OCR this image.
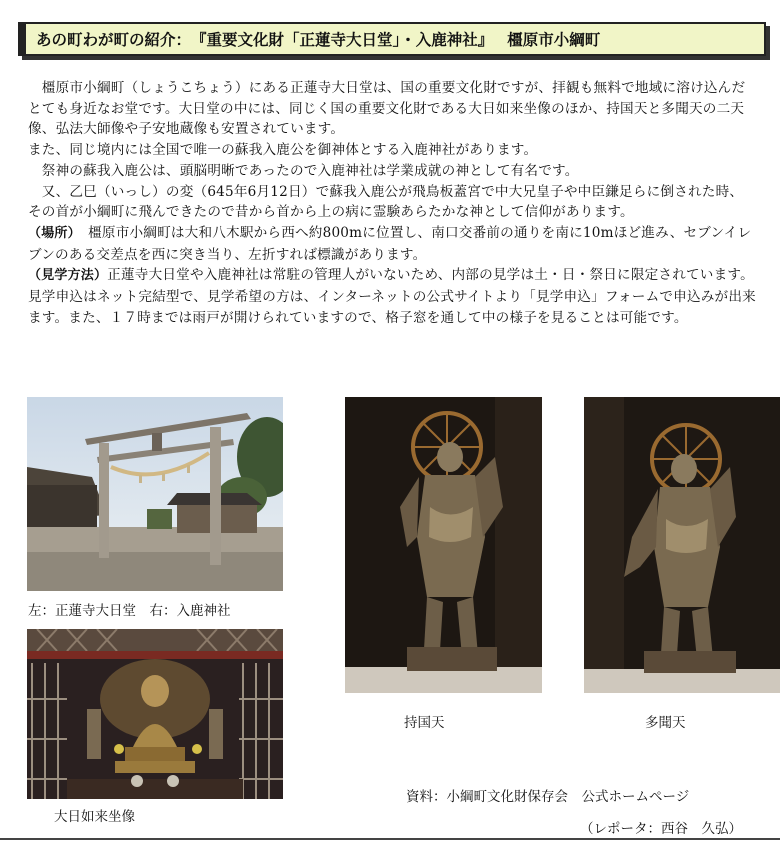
あの町わが町の紹介： 『重要文化財「正蓮寺大日堂」・入鹿神社』 橿原市小綱町

　橿原市小綱町（しょうこちょう）にある正蓮寺大日堂は、国の重要文化財ですが、拝観も無料で地域に溶け込んだとても身近なお堂です。大日堂の中には、同じく国の重要文化財である大日如来坐像のほか、持国天と多聞天の二天像、弘法大師像や子安地蔵像も安置されています。

また、同じ境内には全国で唯一の蘇我入鹿公を御神体とする入鹿神社があります。

　祭神の蘇我入鹿公は、頭脳明晰であったので入鹿神社は学業成就の神として有名です。

　又、乙巳（いっし）の変（645年6月12日）で蘇我入鹿公が飛鳥板蓋宮で中大兄皇子や中臣鎌足らに倒された時、その首が小綱町に飛んできたので昔から首から上の病に霊験あらたかな神として信仰があります。

（場所）　橿原市小綱町は大和八木駅から西へ約800mに位置し、南口交番前の通りを南に10mほど進み、セブンイレブンのある交差点を西に突き当り、左折すれば標識があります。

（見学方法）正蓮寺大日堂や入鹿神社は常駐の管理人がいないため、内部の見学は土・日・祭日に限定されています。見学申込はネット完結型で、見学希望の方は、インターネットの公式サイトより「見学申込」フォームで申込みが出来ます。また、１７時までは雨戸が開けられていますので、格子窓を通して中の様子を見ることは可能です。

左：正蓮寺大日堂　右：入鹿神社
大日如来坐像
持国天	多聞天
資料：小綱町文化財保存会　公式ホームページ
（レポータ：西谷　久弘）
